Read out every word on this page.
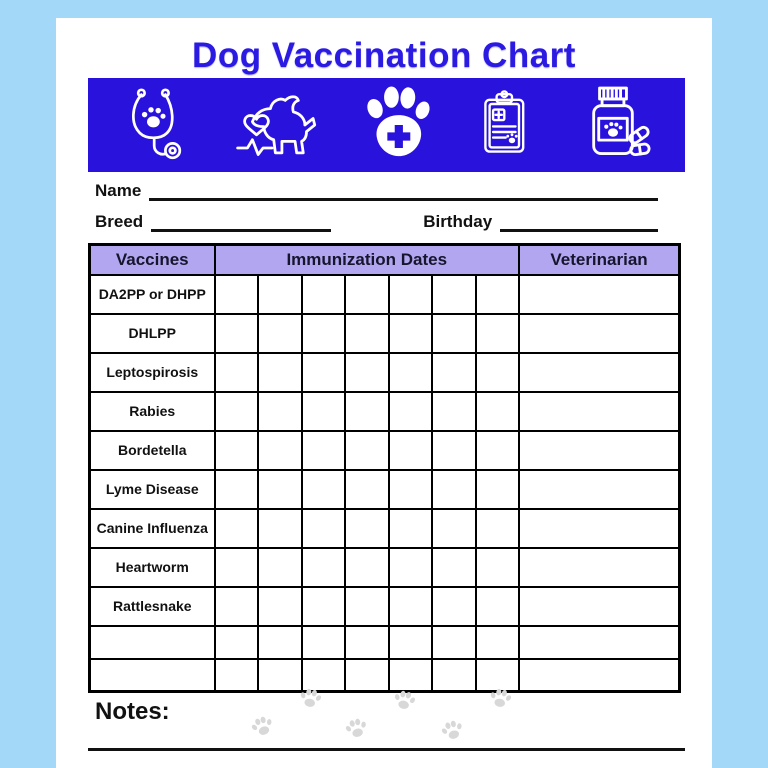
Dog Vaccination Chart
Name
Breed	Birthday
Vaccines	Immunization Dates							Veterinarian
DA2PP or DHPP								
DHLPP								
Leptospirosis								
Rabies								
Bordetella								
Lyme Disease								
Canine Influenza								
Heartworm								
Rattlesnake								

Notes:
